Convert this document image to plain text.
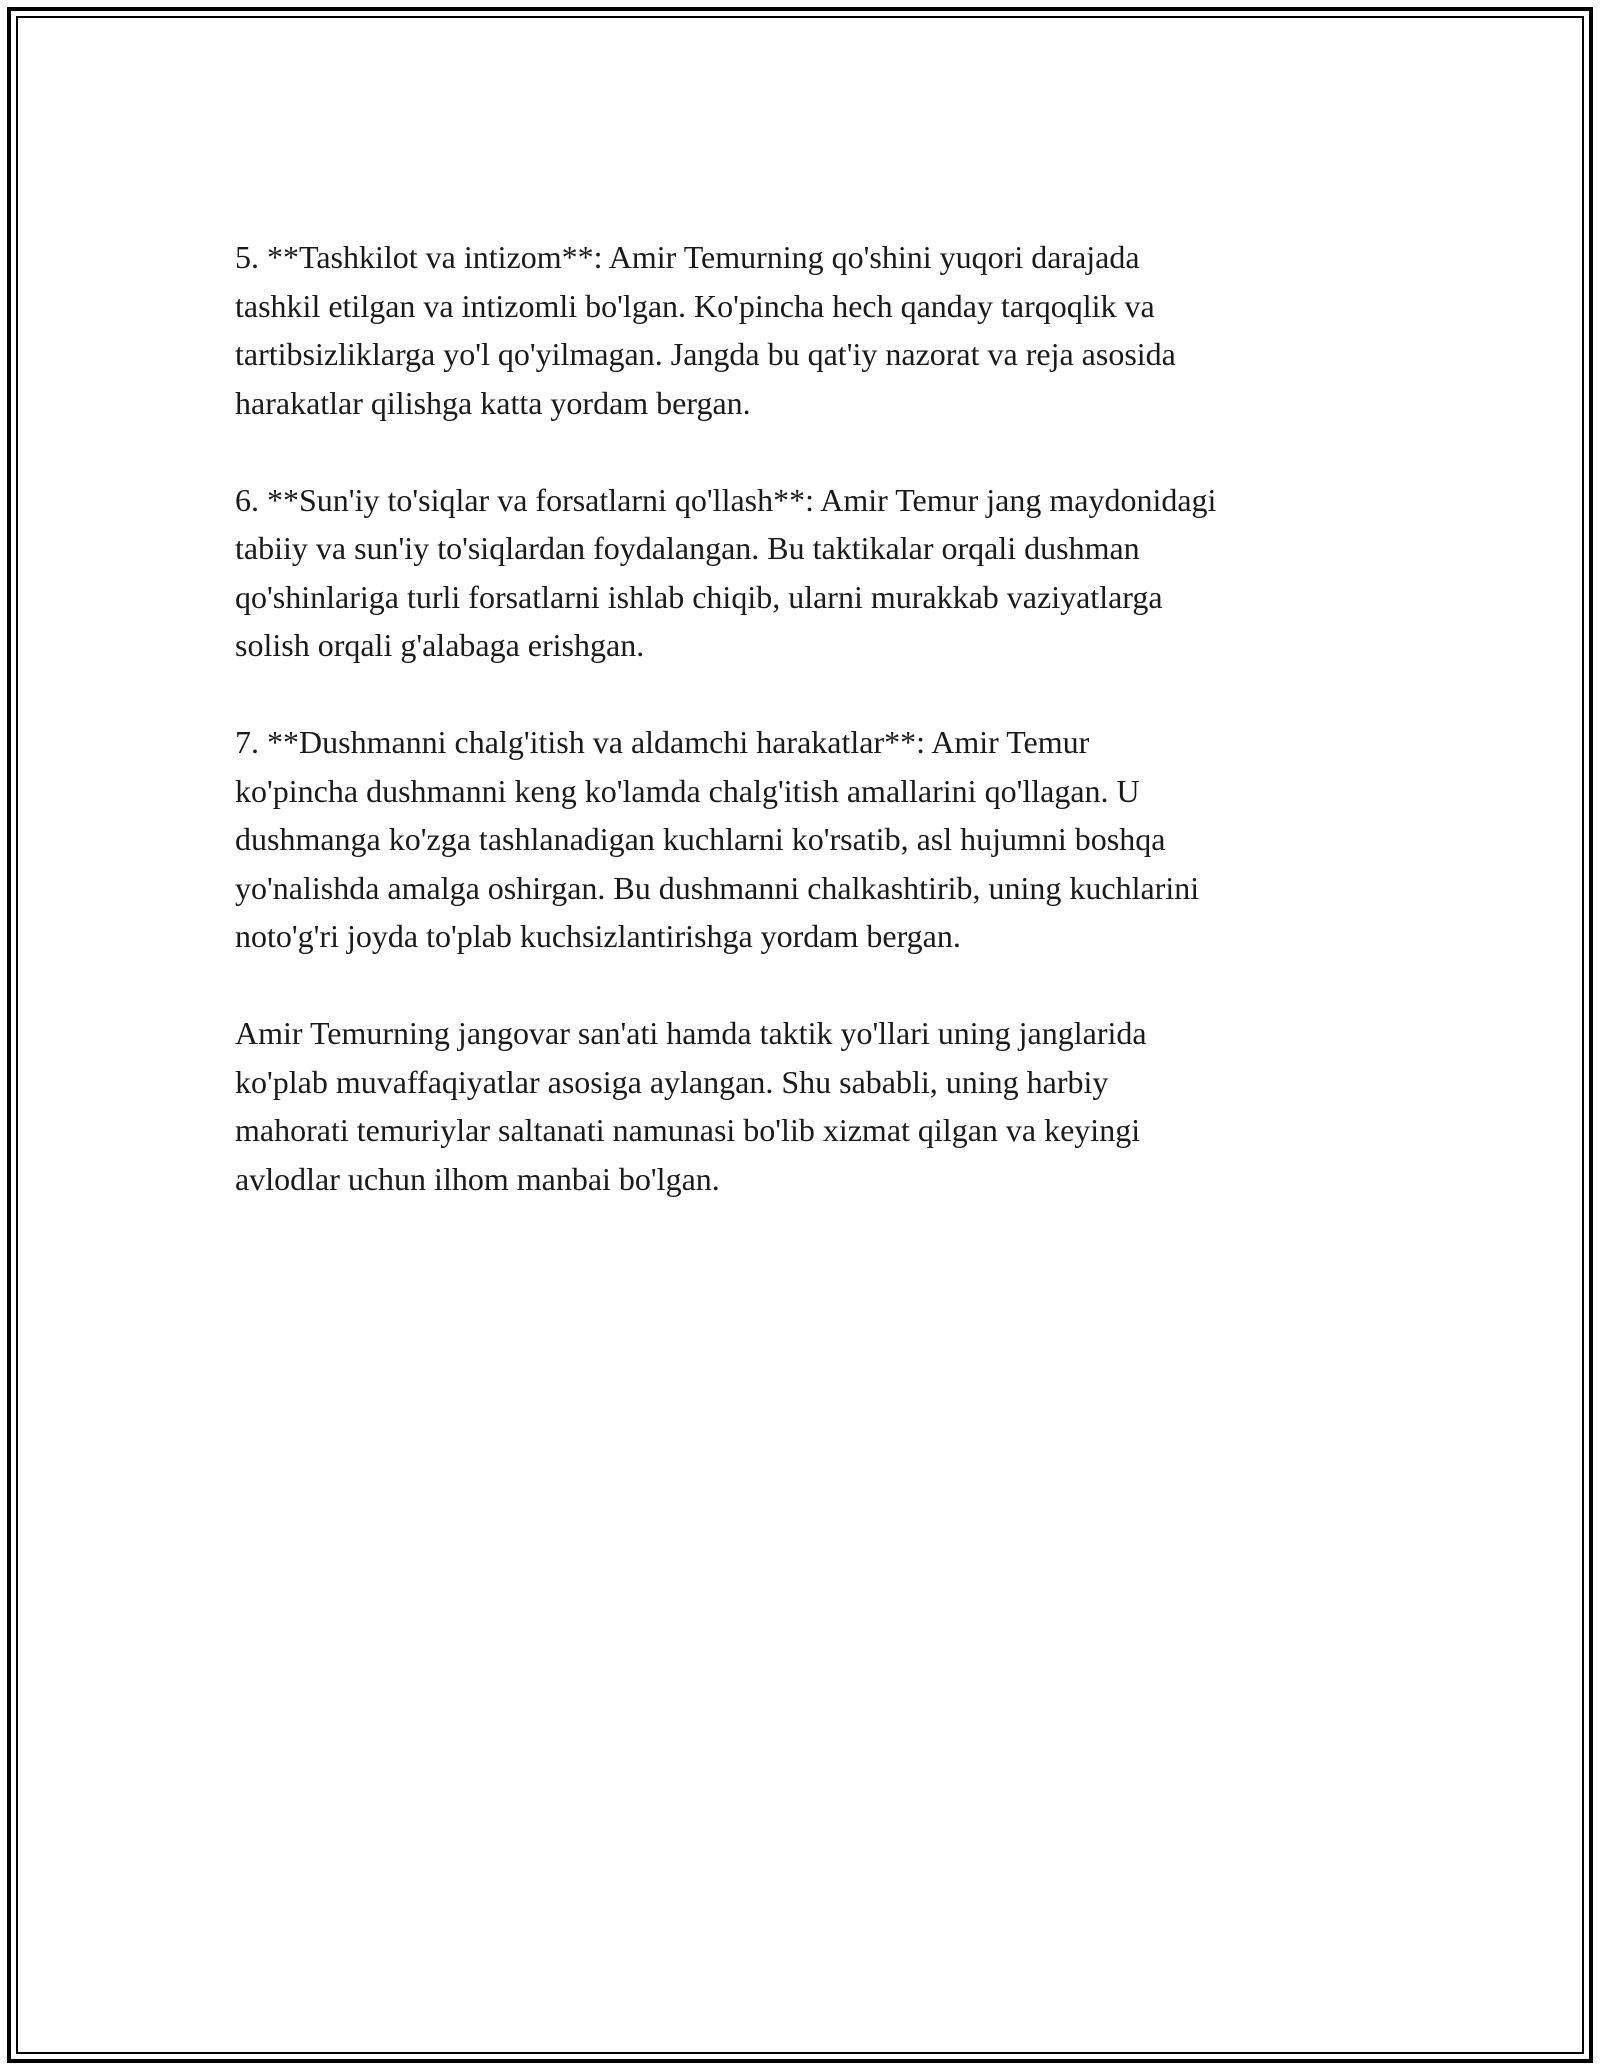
5. **Tashkilot va intizom**: Amir Temurning qo'shini yuqori darajada
tashkil etilgan va intizomli bo'lgan. Ko'pincha hech qanday tarqoqlik va
tartibsizliklarga yo'l qo'yilmagan. Jangda bu qat'iy nazorat va reja asosida
harakatlar qilishga katta yordam bergan.

6. **Sun'iy to'siqlar va forsatlarni qo'llash**: Amir Temur jang maydonidagi
tabiiy va sun'iy to'siqlardan foydalangan. Bu taktikalar orqali dushman
qo'shinlariga turli forsatlarni ishlab chiqib, ularni murakkab vaziyatlarga
solish orqali g'alabaga erishgan.

7. **Dushmanni chalg'itish va aldamchi harakatlar**: Amir Temur
ko'pincha dushmanni keng ko'lamda chalg'itish amallarini qo'llagan. U
dushmanga ko'zga tashlanadigan kuchlarni ko'rsatib, asl hujumni boshqa
yo'nalishda amalga oshirgan. Bu dushmanni chalkashtirib, uning kuchlarini
noto'g'ri joyda to'plab kuchsizlantirishga yordam bergan.

Amir Temurning jangovar san'ati hamda taktik yo'llari uning janglarida
ko'plab muvaffaqiyatlar asosiga aylangan. Shu sababli, uning harbiy
mahorati temuriylar saltanati namunasi bo'lib xizmat qilgan va keyingi
avlodlar uchun ilhom manbai bo'lgan.
